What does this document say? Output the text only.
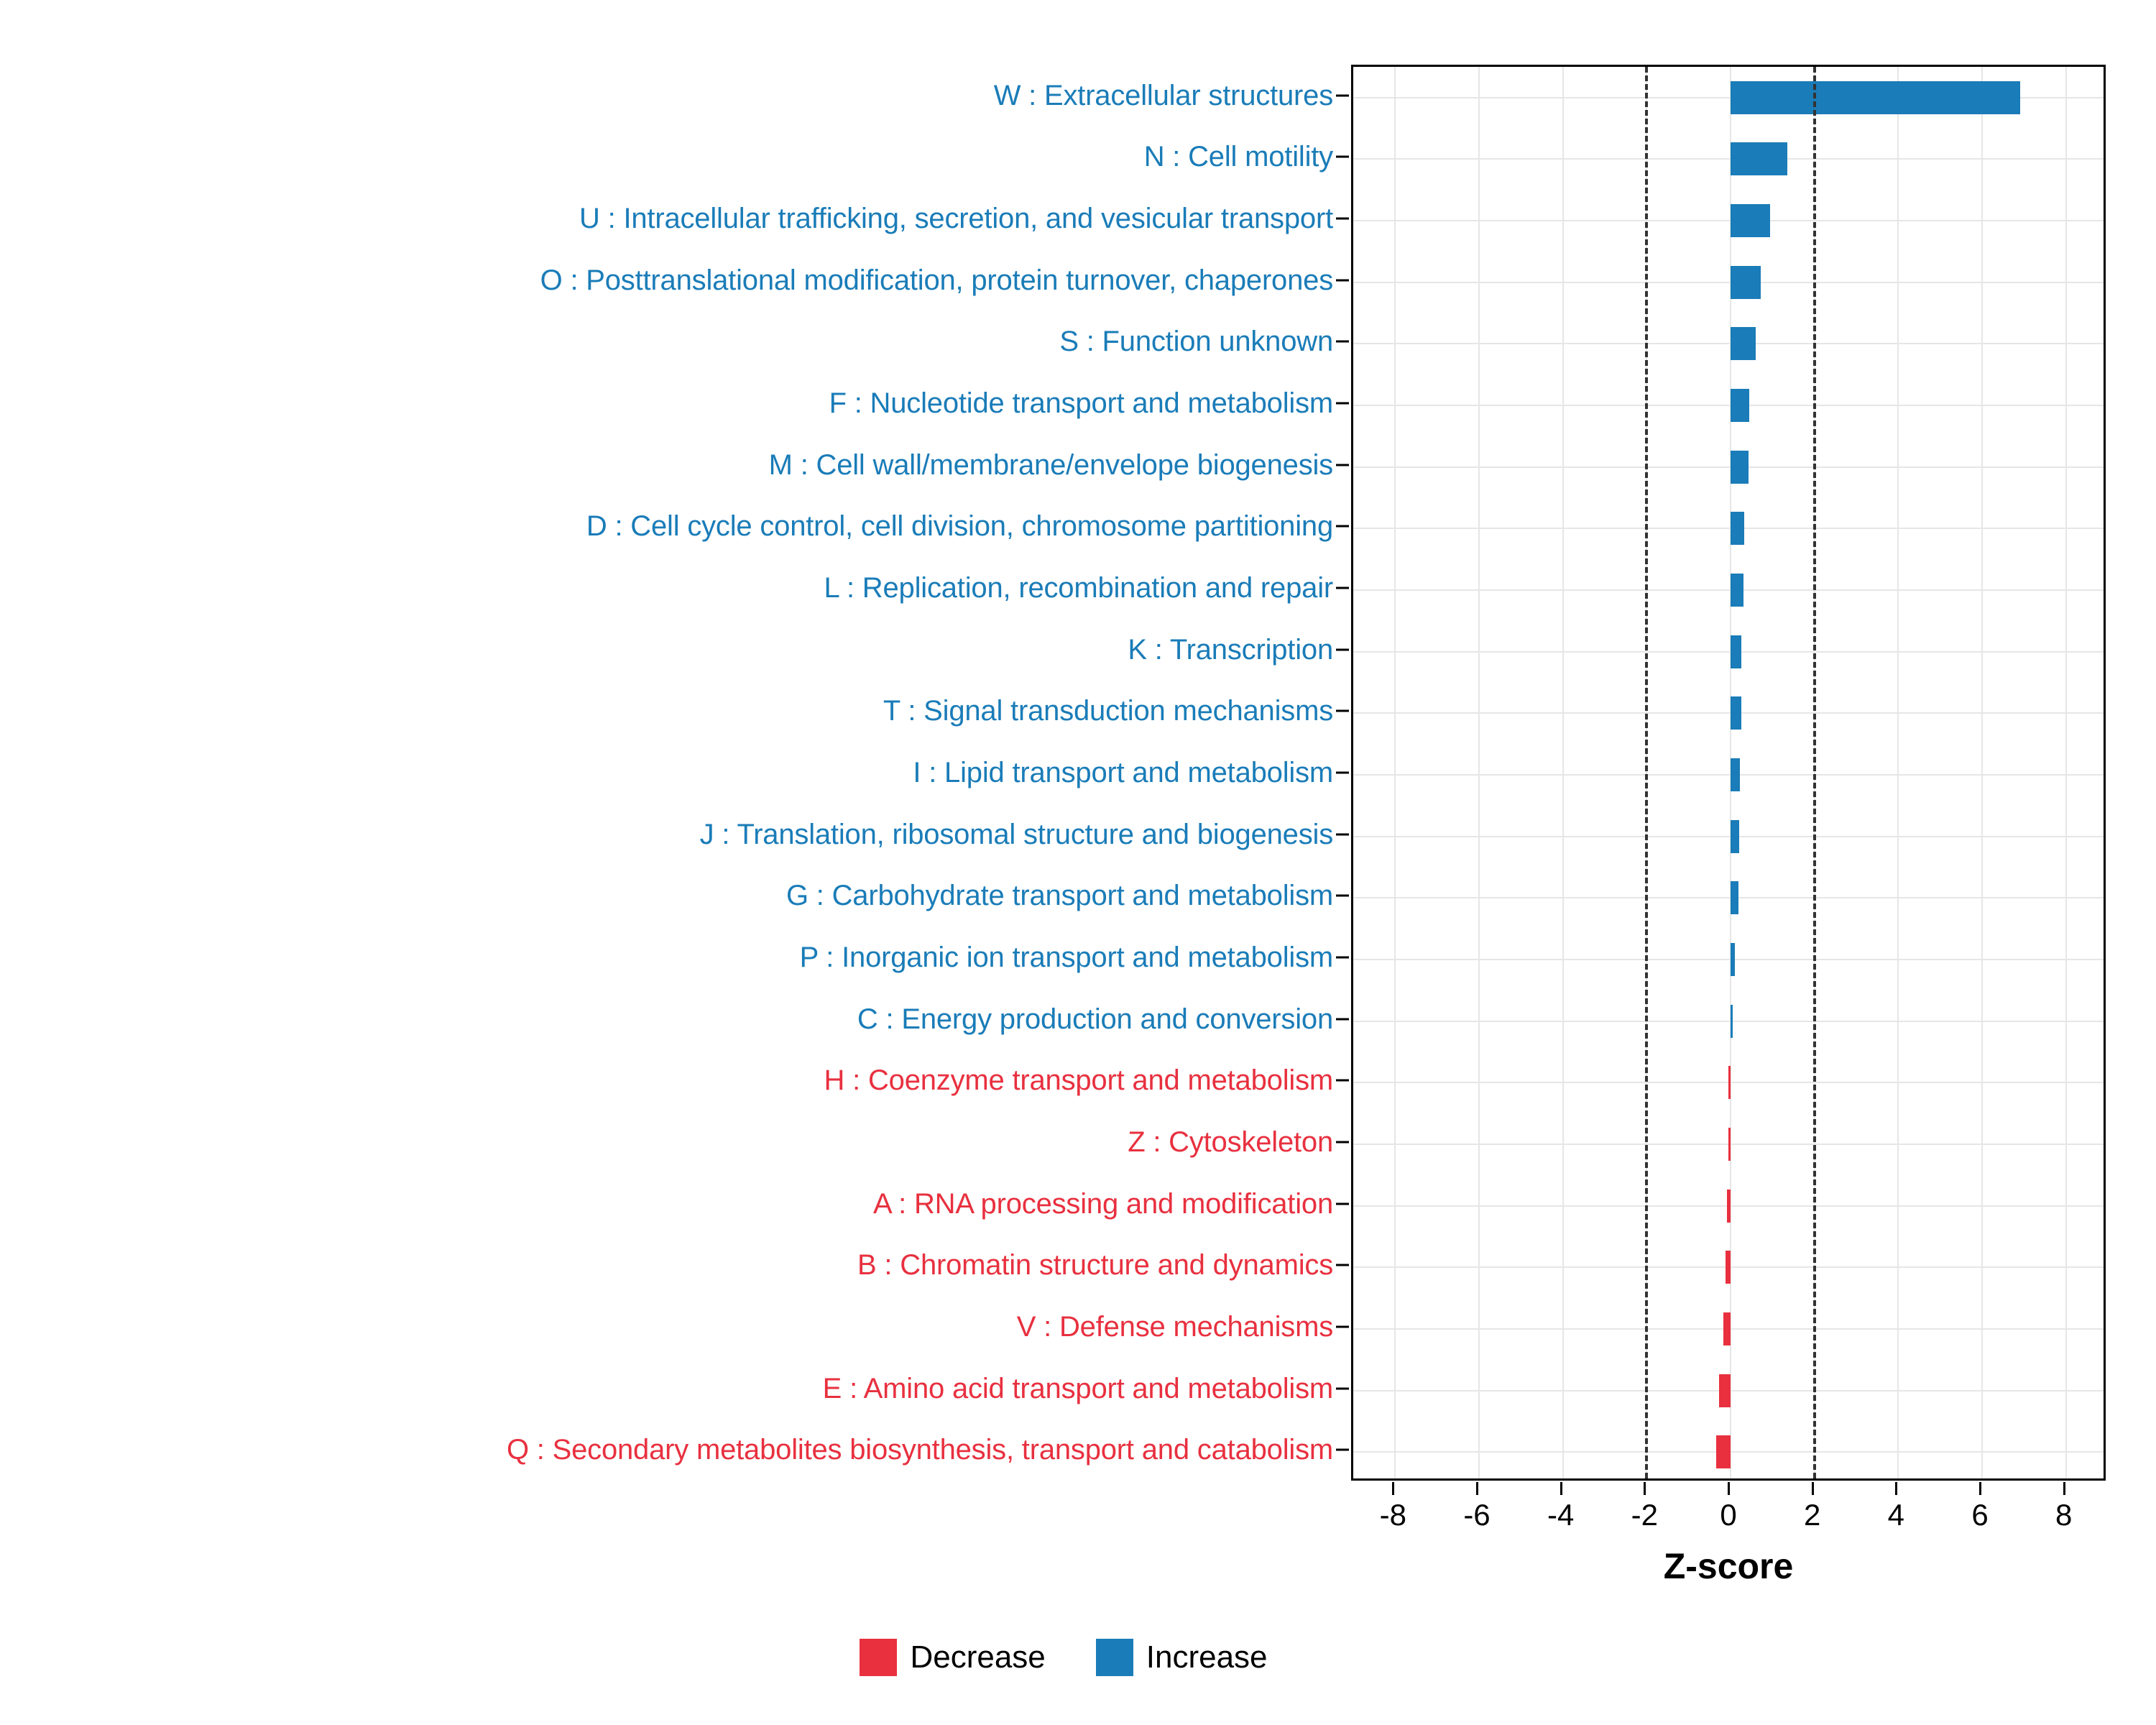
W : Extracellular structures
N : Cell motility
U : Intracellular trafficking, secretion, and vesicular transport
O : Posttranslational modification, protein turnover, chaperones
S : Function unknown
F : Nucleotide transport and metabolism
M : Cell wall/membrane/envelope biogenesis
D : Cell cycle control, cell division, chromosome partitioning
L : Replication, recombination and repair
K : Transcription
T : Signal transduction mechanisms
I : Lipid transport and metabolism
J : Translation, ribosomal structure and biogenesis
G : Carbohydrate transport and metabolism
P : Inorganic ion transport and metabolism
C : Energy production and conversion
H : Coenzyme transport and metabolism
Z : Cytoskeleton
A : RNA processing and modification
B : Chromatin structure and dynamics
V : Defense mechanisms
E : Amino acid transport and metabolism
Q : Secondary metabolites biosynthesis, transport and catabolism
-8 -6 -4 -2 0 2 4 6 8
Z-score
Decrease	Increase
